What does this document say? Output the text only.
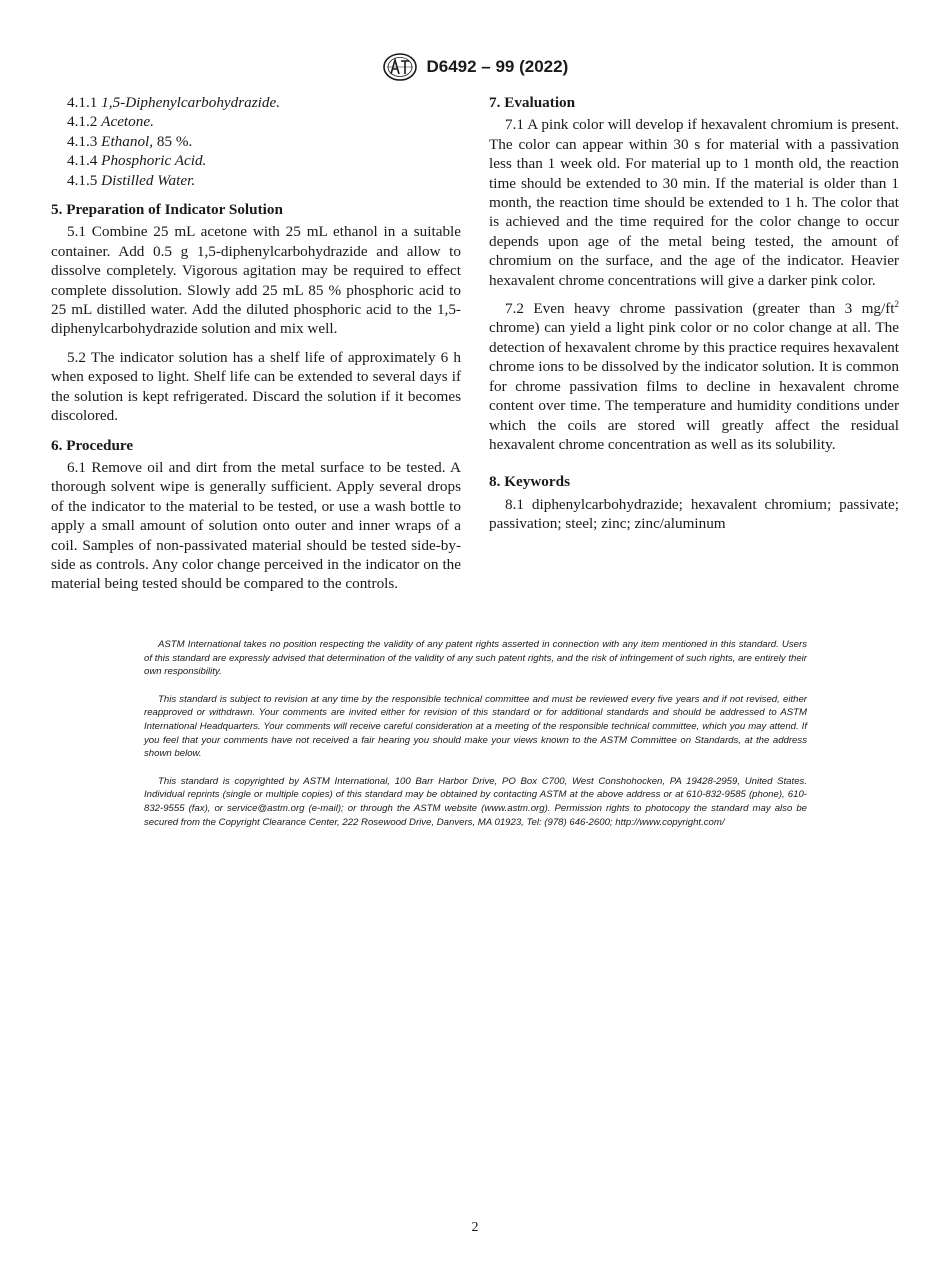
D6492 – 99 (2022)
4.1.1 1,5-Diphenylcarbohydrazide.
4.1.2 Acetone.
4.1.3 Ethanol, 85 %.
4.1.4 Phosphoric Acid.
4.1.5 Distilled Water.
5. Preparation of Indicator Solution

5.1 Combine 25 mL acetone with 25 mL ethanol in a suitable container. Add 0.5 g 1,5-diphenylcarbohydrazide and allow to dissolve completely. Vigorous agitation may be required to effect complete dissolution. Slowly add 25 mL 85 % phosphoric acid to 25 mL distilled water. Add the diluted phosphoric acid to the 1,5-diphenylcarbohydrazide solution and mix well.

5.2 The indicator solution has a shelf life of approximately 6 h when exposed to light. Shelf life can be extended to several days if the solution is kept refrigerated. Discard the solution if it becomes discolored.

6. Procedure

6.1 Remove oil and dirt from the metal surface to be tested. A thorough solvent wipe is generally sufficient. Apply several drops of the indicator to the material to be tested, or use a wash bottle to apply a small amount of solution onto outer and inner wraps of a coil. Samples of non-passivated material should be tested side-by-side as controls. Any color change perceived in the indicator on the material being tested should be compared to the controls.

7. Evaluation

7.1 A pink color will develop if hexavalent chromium is present. The color can appear within 30 s for material with a passivation less than 1 week old. For material up to 1 month old, the reaction time should be extended to 30 min. If the material is older than 1 month, the reaction time should be extended to 1 h. The color that is achieved and the time required for the color change to occur depends upon age of the metal being tested, the amount of chromium on the surface, and the age of the indicator. Heavier hexavalent chrome concentrations will give a darker pink color.

7.2 Even heavy chrome passivation (greater than 3 $mg/ft^2$ chrome) can yield a light pink color or no color change at all. The detection of hexavalent chrome by this practice requires hexavalent chrome ions to be dissolved by the indicator solution. It is common for chrome passivation films to decline in hexavalent chrome content over time. The temperature and humidity conditions under which the coils are stored will greatly affect the residual hexavalent chrome concentration as well as its solubility.

8. Keywords

8.1 diphenylcarbohydrazide; hexavalent chromium; passivate; passivation; steel; zinc; zinc/aluminum

ASTM International takes no position respecting the validity of any patent rights asserted in connection with any item mentioned in this standard. Users of this standard are expressly advised that determination of the validity of any such patent rights, and the risk of infringement of such rights, are entirely their own responsibility.

This standard is subject to revision at any time by the responsible technical committee and must be reviewed every five years and if not revised, either reapproved or withdrawn. Your comments are invited either for revision of this standard or for additional standards and should be addressed to ASTM International Headquarters. Your comments will receive careful consideration at a meeting of the responsible technical committee, which you may attend. If you feel that your comments have not received a fair hearing you should make your views known to the ASTM Committee on Standards, at the address shown below.

This standard is copyrighted by ASTM International, 100 Barr Harbor Drive, PO Box C700, West Conshohocken, PA 19428-2959, United States. Individual reprints (single or multiple copies) of this standard may be obtained by contacting ASTM at the above address or at 610-832-9585 (phone), 610-832-9555 (fax), or service@astm.org (e-mail); or through the ASTM website (www.astm.org). Permission rights to photocopy the standard may also be secured from the Copyright Clearance Center, 222 Rosewood Drive, Danvers, MA 01923, Tel: (978) 646-2600; http://www.copyright.com/

2
